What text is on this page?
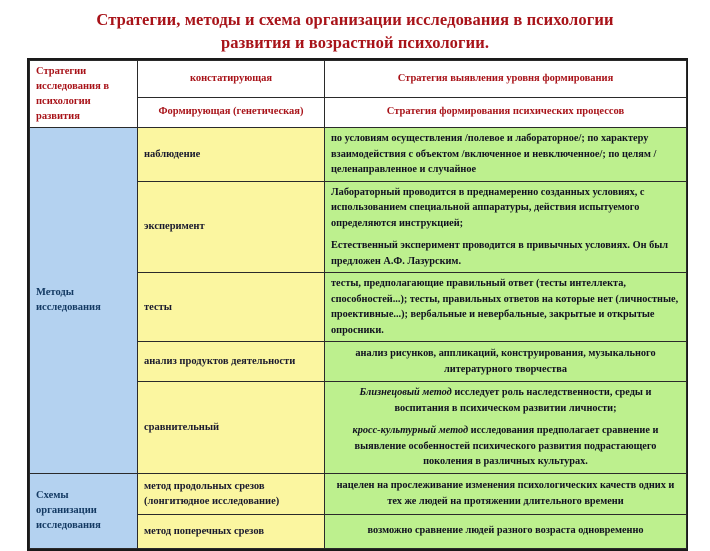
Стратегии, методы и схема организации исследования в психологии
развития и возрастной психологии.
Стратегии исследования в психологии развития	констатирующая	Стратегия выявления уровня формирования
	Формирующая (генетическая)	Стратегия формирования психических процессов
Методы исследования	наблюдение	по условиям осуществления /полевое и лабораторное/; по характеру взаимодействия с объектом /включенное и невключенное/; по целям /целенаправленное и случайное

	эксперимент	Лабораторный проводится в преднамеренно созданных условиях, с использованием специальной аппаратуры, действия испытуемого определяются инструкцией;

Естественный эксперимент проводится в привычных условиях. Он был предложен А.Ф. Лазурским.

	тесты	тесты, предполагающие правильный ответ (тесты интеллекта, способностей...); тесты, правильных ответов на которые нет (личностные, проективные...); вербальные и невербальные, закрытые и открытые опросники.

	анализ продуктов деятельности	анализ рисунков, аппликаций, конструирования, музыкального литературного творчества

	сравнительный	Близнецовый метод исследует роль наследственности, среды и воспитания в психическом развитии личности;

кросс-культурный метод исследования предполагает сравнение и выявление особенностей психического развития подрастающего поколения в различных культурах.

Схемы организации исследования	метод продольных срезов (лонгитюдное исследование)	нацелен на прослеживание изменения психологических качеств одних и тех же людей на протяжении длительного времени

	метод поперечных срезов	возможно сравнение людей разного возраста одновременно
